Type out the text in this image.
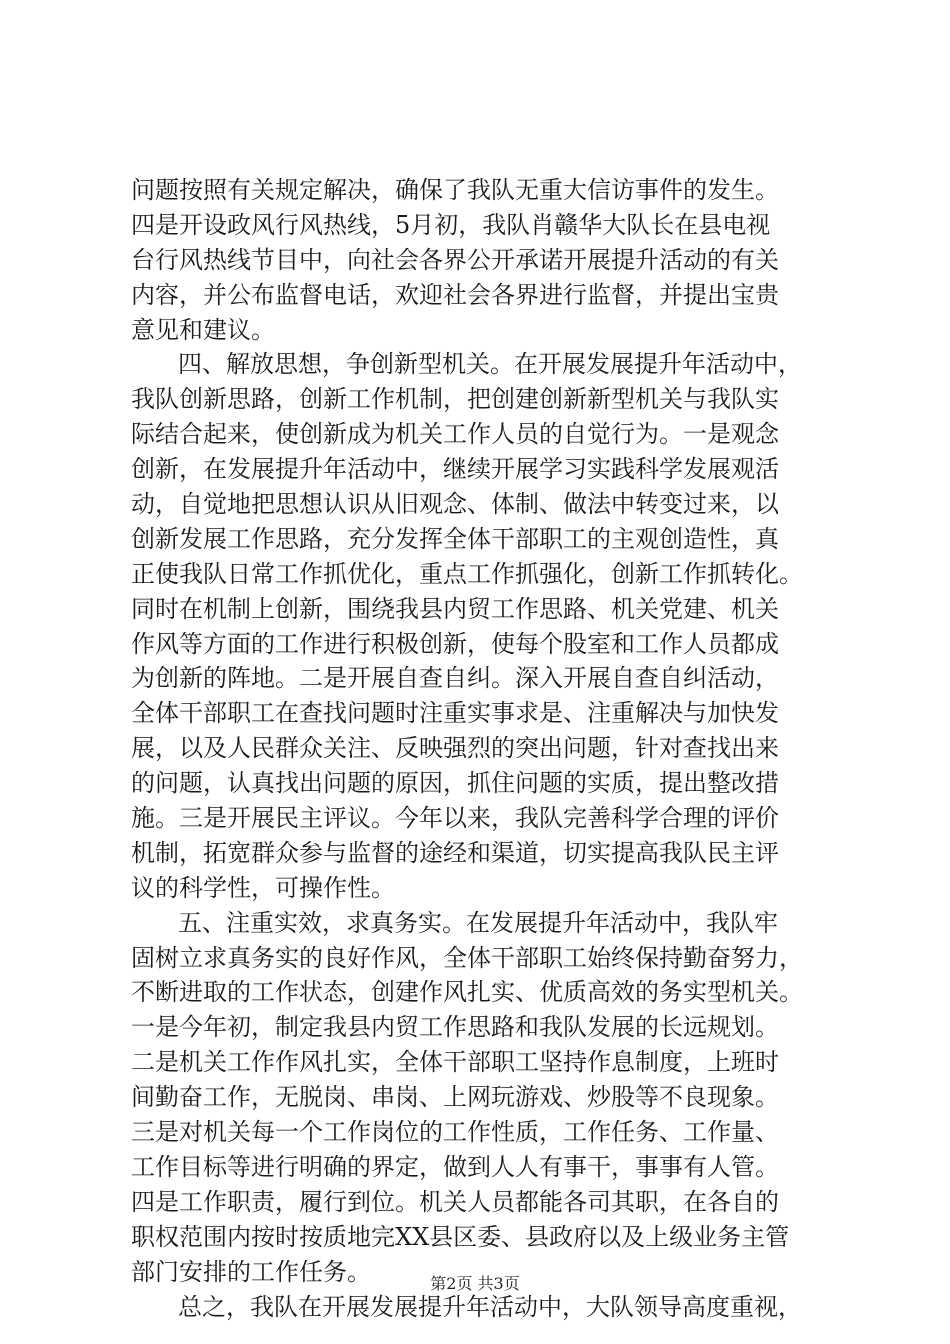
问题按照有关规定解决，确保了我队无重大信访事件的发生。
四是开设政风行风热线，5月初，我队肖赣华大队长在县电视
台行风热线节目中，向社会各界公开承诺开展提升活动的有关
内容，并公布监督电话，欢迎社会各界进行监督，并提出宝贵
意见和建议。
四、解放思想，争创新型机关。在开展发展提升年活动中，
我队创新思路，创新工作机制，把创建创新新型机关与我队实
际结合起来，使创新成为机关工作人员的自觉行为。一是观念
创新，在发展提升年活动中，继续开展学习实践科学发展观活
动，自觉地把思想认识从旧观念、体制、做法中转变过来，以
创新发展工作思路，充分发挥全体干部职工的主观创造性，真
正使我队日常工作抓优化，重点工作抓强化，创新工作抓转化。
同时在机制上创新，围绕我县内贸工作思路、机关党建、机关
作风等方面的工作进行积极创新，使每个股室和工作人员都成
为创新的阵地。二是开展自查自纠。深入开展自查自纠活动，
全体干部职工在查找问题时注重实事求是、注重解决与加快发
展，以及人民群众关注、反映强烈的突出问题，针对查找出来
的问题，认真找出问题的原因，抓住问题的实质，提出整改措
施。三是开展民主评议。今年以来，我队完善科学合理的评价
机制，拓宽群众参与监督的途经和渠道，切实提高我队民主评
议的科学性，可操作性。
五、注重实效，求真务实。在发展提升年活动中，我队牢
固树立求真务实的良好作风，全体干部职工始终保持勤奋努力，
不断进取的工作状态，创建作风扎实、优质高效的务实型机关。
一是今年初，制定我县内贸工作思路和我队发展的长远规划。
二是机关工作作风扎实，全体干部职工坚持作息制度，上班时
间勤奋工作，无脱岗、串岗、上网玩游戏、炒股等不良现象。
三是对机关每一个工作岗位的工作性质，工作任务、工作量、
工作目标等进行明确的界定，做到人人有事干，事事有人管。
四是工作职责，履行到位。机关人员都能各司其职，在各自的
职权范围内按时按质地完XX县区委、县政府以及上级业务主管
部门安排的工作任务。
总之，我队在开展发展提升年活动中，大队领导高度重视，
第2页 共3页
